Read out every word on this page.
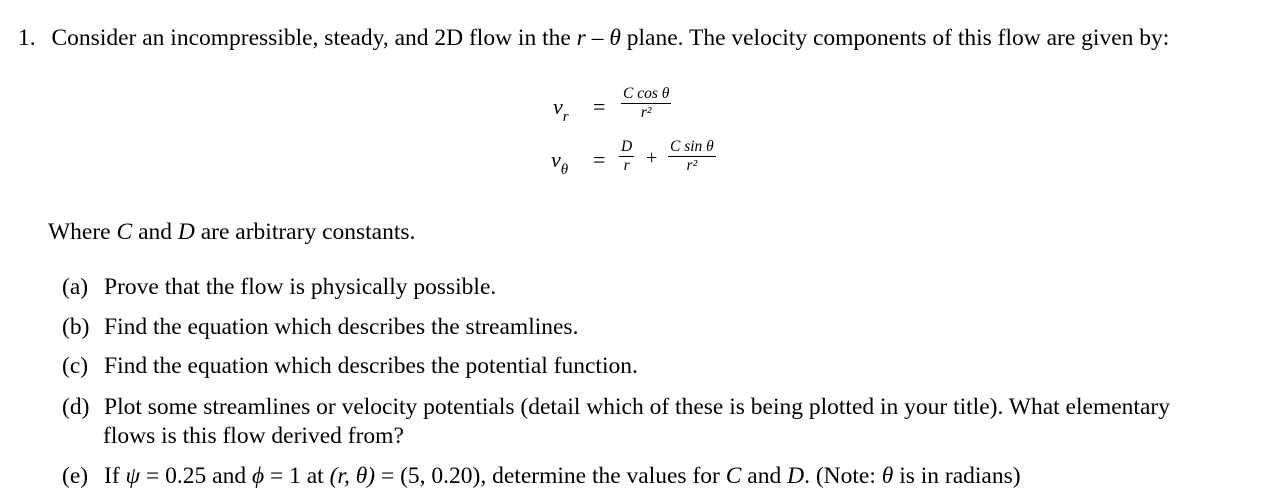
1. Consider an incompressible, steady, and 2D flow in the r – θ plane. The velocity components of this flow are given by:
$v_r$ =
C cos θ
r²
$v_\theta$ =
D
r +
C sin θ
r²
Where C and D are arbitrary constants.
(a) Prove that the flow is physically possible.
(b) Find the equation which describes the streamlines.
(c) Find the equation which describes the potential function.
(d) Plot some streamlines or velocity potentials (detail which of these is being plotted in your title). What elementary
flows is this flow derived from?
(e) If ψ = 0.25 and ϕ = 1 at (r, θ) = (5, 0.20), determine the values for C and D. (Note: θ is in radians)
